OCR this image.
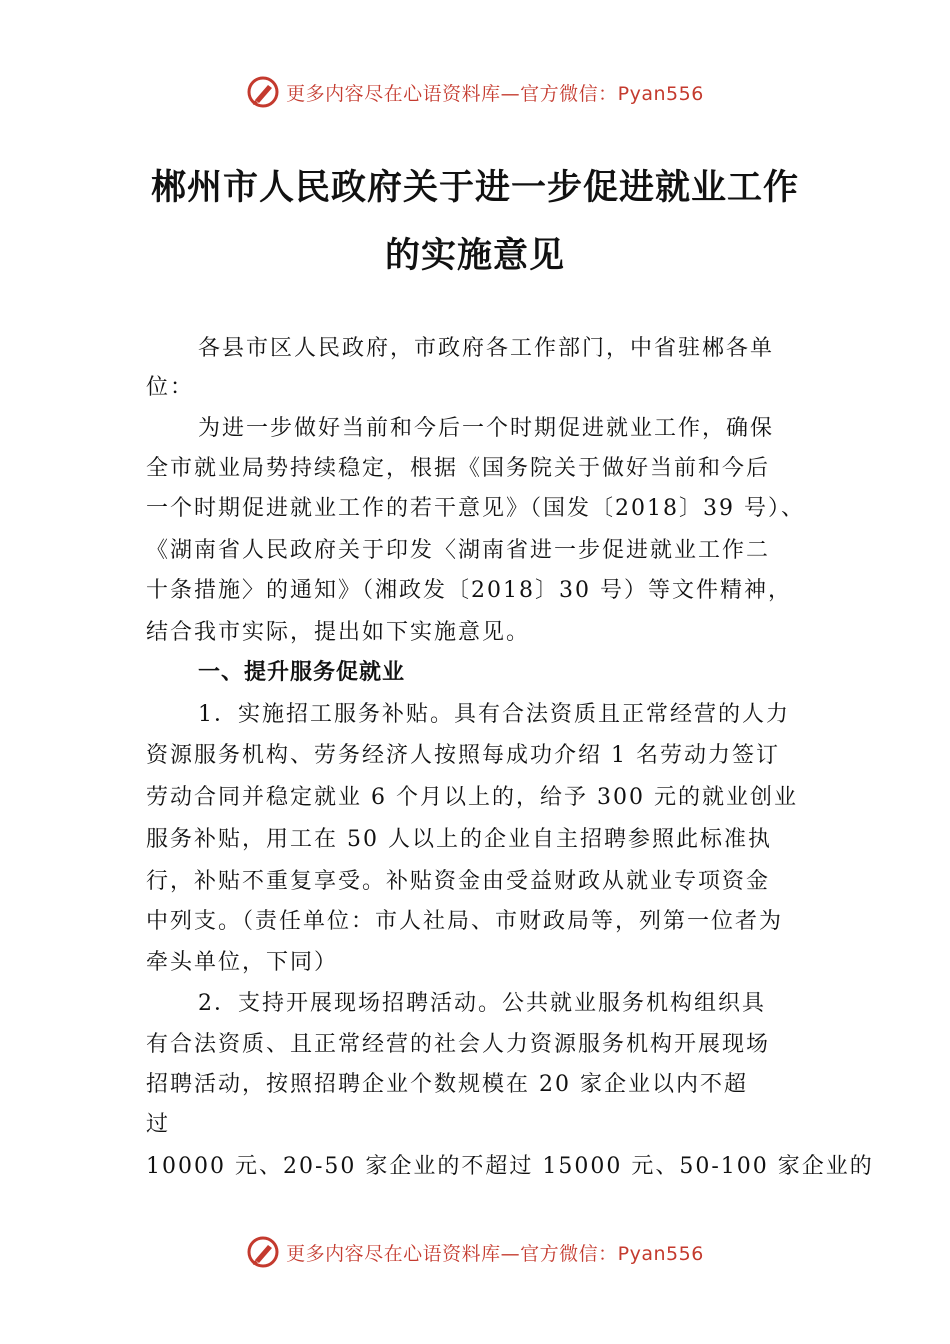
更多内容尽在心语资料库—官方微信：Pyan556
郴州市人民政府关于进一步促进就业工作
的实施意见
各县市区人民政府，市政府各工作部门，中省驻郴各单
位：
为进一步做好当前和今后一个时期促进就业工作，确保
全市就业局势持续稳定，根据《国务院关于做好当前和今后
一个时期促进就业工作的若干意见》（国发〔2018〕39 号）、
《湖南省人民政府关于印发〈湖南省进一步促进就业工作二
十条措施〉的通知》（湘政发〔2018〕30 号）等文件精神，
结合我市实际，提出如下实施意见。
一、提升服务促就业
1．实施招工服务补贴。具有合法资质且正常经营的人力
资源服务机构、劳务经济人按照每成功介绍 1 名劳动力签订
劳动合同并稳定就业 6 个月以上的，给予 300 元的就业创业
服务补贴，用工在 50 人以上的企业自主招聘参照此标准执
行，补贴不重复享受。补贴资金由受益财政从就业专项资金
中列支。（责任单位：市人社局、市财政局等，列第一位者为
牵头单位，下同）
2．支持开展现场招聘活动。公共就业服务机构组织具
有合法资质、且正常经营的社会人力资源服务机构开展现场
招聘活动，按照招聘企业个数规模在 20 家企业以内不超
过
10000 元、20-50 家企业的不超过 15000 元、50-100 家企业的
更多内容尽在心语资料库—官方微信：Pyan556
